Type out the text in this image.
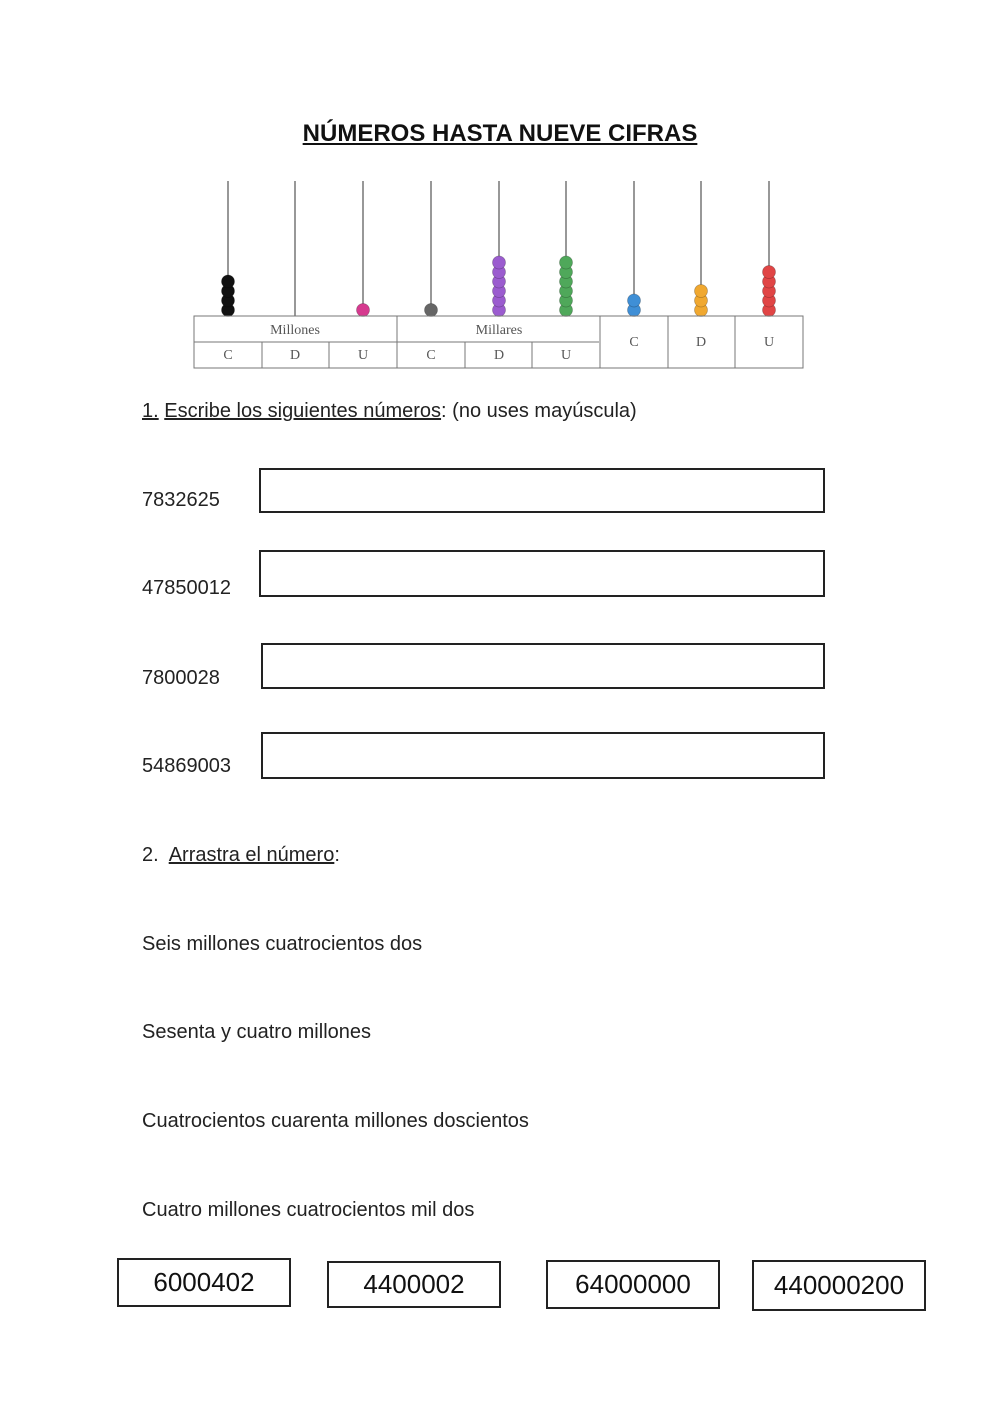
NÚMEROS HASTA NUEVE CIFRAS
Millones	Millares
C	D	U	C	D	U
C	D	U
1. Escribe los siguientes números: (no uses mayúscula)
7832625
47850012
7800028
54869003
2. Arrastra el número:
Seis millones cuatrocientos dos
Sesenta y cuatro millones
Cuatrocientos cuarenta millones doscientos
Cuatro millones cuatrocientos mil dos
6000402	4400002	64000000	440000200
